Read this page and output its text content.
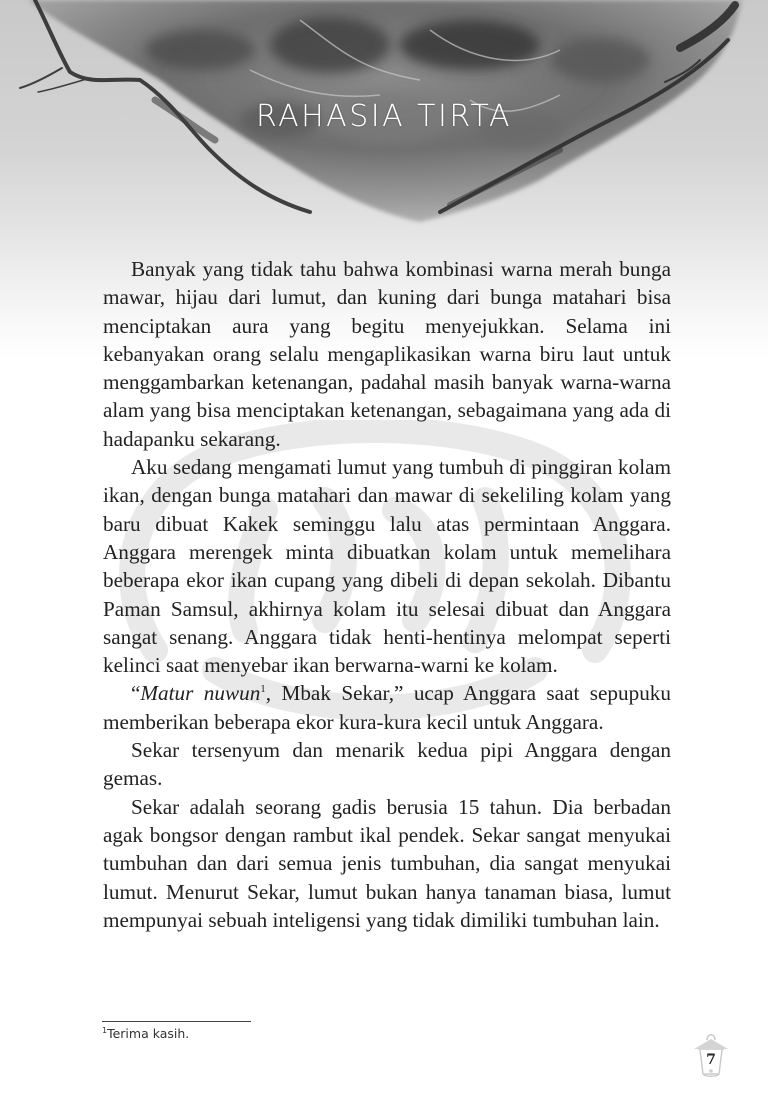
RAHASIA TIRTA

Banyak yang tidak tahu bahwa kombinasi warna merah bunga mawar, hijau dari lumut, dan kuning dari bunga matahari bisa menciptakan aura yang begitu menyejukkan. Selama ini kebanyakan orang selalu mengaplikasikan warna biru laut untuk menggambarkan ketenangan, padahal masih banyak warna-warna alam yang bisa menciptakan ketenangan, sebagaimana yang ada di hadapanku sekarang.

Aku sedang mengamati lumut yang tumbuh di pinggiran kolam ikan, dengan bunga matahari dan mawar di sekeliling kolam yang baru dibuat Kakek seminggu lalu atas permintaan Anggara. Anggara merengek minta dibuatkan kolam untuk memelihara beberapa ekor ikan cupang yang dibeli di depan sekolah. Dibantu Paman Samsul, akhirnya kolam itu selesai dibuat dan Anggara sangat senang. Anggara tidak henti-hentinya melompat seperti kelinci saat menyebar ikan berwarna-warni ke kolam.

“Matur nuwun$^1$, Mbak Sekar,” ucap Anggara saat sepupuku memberikan beberapa ekor kura-kura kecil untuk Anggara.

Sekar tersenyum dan menarik kedua pipi Anggara dengan gemas.

Sekar adalah seorang gadis berusia 15 tahun. Dia berbadan agak bongsor dengan rambut ikal pendek. Sekar sangat menyukai tumbuhan dan dari semua jenis tumbuhan, dia sangat menyukai lumut. Menurut Sekar, lumut bukan hanya tanaman biasa, lumut mempunyai sebuah inteligensi yang tidak dimiliki tumbuhan lain.

$^1$Terima kasih.
7
